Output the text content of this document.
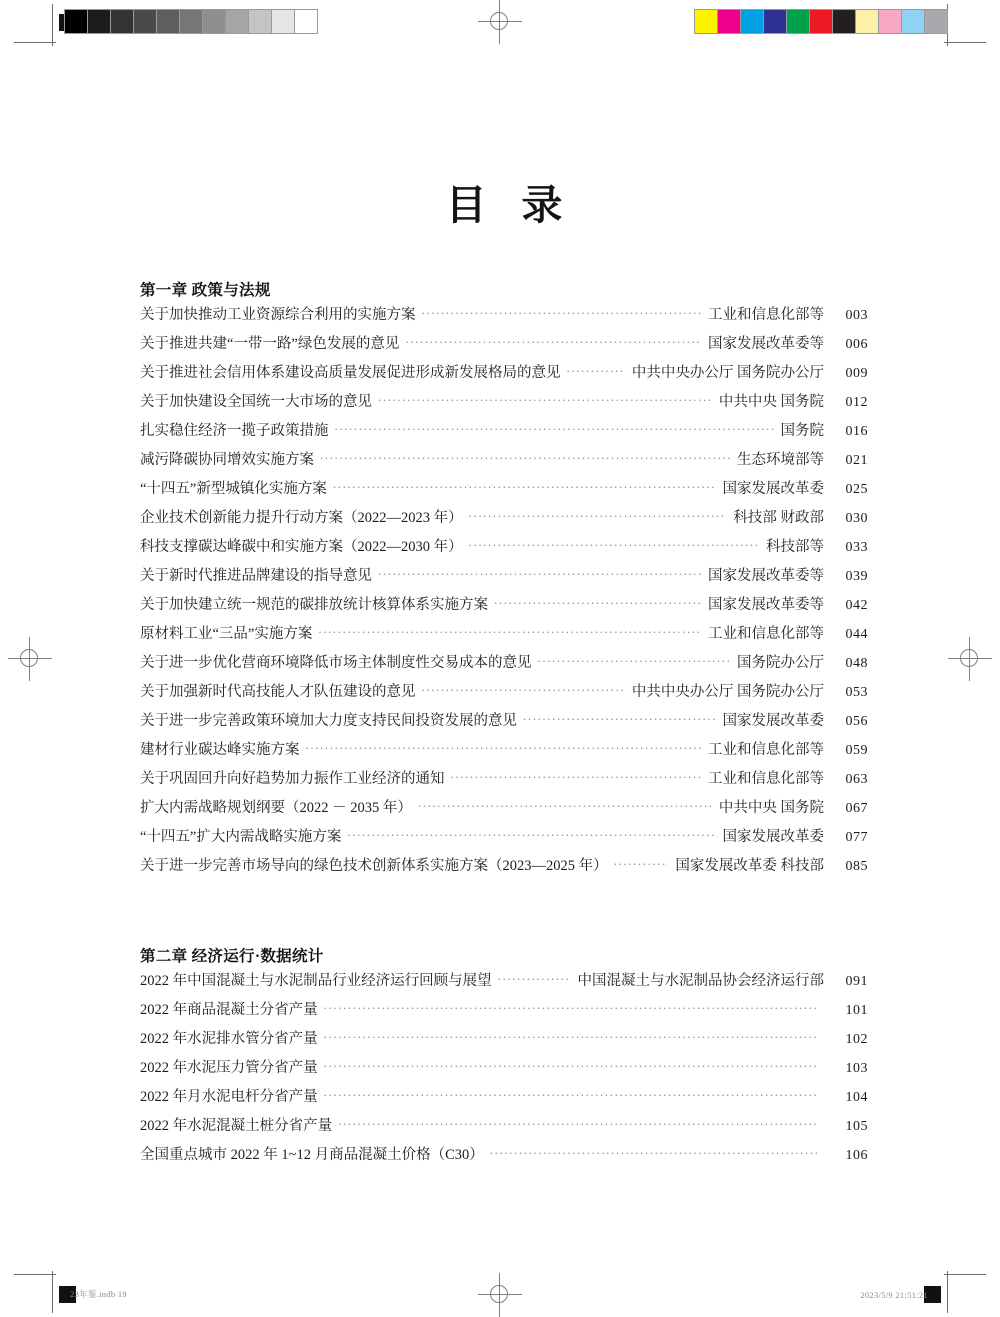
目 录
第一章 政策与法规
关于加快推动工业资源综合利用的实施方案 .....	工业和信息化部等	003
关于推进共建“一带一路”绿色发展的意见 .....	国家发展改革委等	006
关于推进社会信用体系建设高质量发展促进形成新发展格局的意见 .....	中共中央办公厅 国务院办公厅	009
关于加快建设全国统一大市场的意见 .....	中共中央 国务院	012
扎实稳住经济一揽子政策措施 .....	国务院	016
减污降碳协同增效实施方案 .....	生态环境部等	021
“十四五”新型城镇化实施方案 .....	国家发展改革委	025
企业技术创新能力提升行动方案（2022—2023 年） .....	科技部 财政部	030
科技支撑碳达峰碳中和实施方案（2022—2030 年） .....	科技部等	033
关于新时代推进品牌建设的指导意见 .....	国家发展改革委等	039
关于加快建立统一规范的碳排放统计核算体系实施方案 .....	国家发展改革委等	042
原材料工业“三品”实施方案 .....	工业和信息化部等	044
关于进一步优化营商环境降低市场主体制度性交易成本的意见 .....	国务院办公厅	048
关于加强新时代高技能人才队伍建设的意见 .....	中共中央办公厅 国务院办公厅	053
关于进一步完善政策环境加大力度支持民间投资发展的意见 .....	国家发展改革委	056
建材行业碳达峰实施方案 .....	工业和信息化部等	059
关于巩固回升向好趋势加力振作工业经济的通知 .....	工业和信息化部等	063
扩大内需战略规划纲要（2022 － 2035 年） .....	中共中央 国务院	067
“十四五”扩大内需战略实施方案 .....	国家发展改革委	077
关于进一步完善市场导向的绿色技术创新体系实施方案（2023—2025 年） .....	国家发展改革委 科技部	085
第二章 经济运行·数据统计
2022 年中国混凝土与水泥制品行业经济运行回顾与展望 .....	中国混凝土与水泥制品协会经济运行部	091
2022 年商品混凝土分省产量 .....	101
2022 年水泥排水管分省产量 .....	102
2022 年水泥压力管分省产量 .....	103
2022 年月水泥电杆分省产量 .....	104
2022 年水泥混凝土桩分省产量 .....	105
全国重点城市 2022 年 1~12 月商品混凝土价格（C30） .....	106
23年鉴.indb 19	2023/5/9 21:51:21
